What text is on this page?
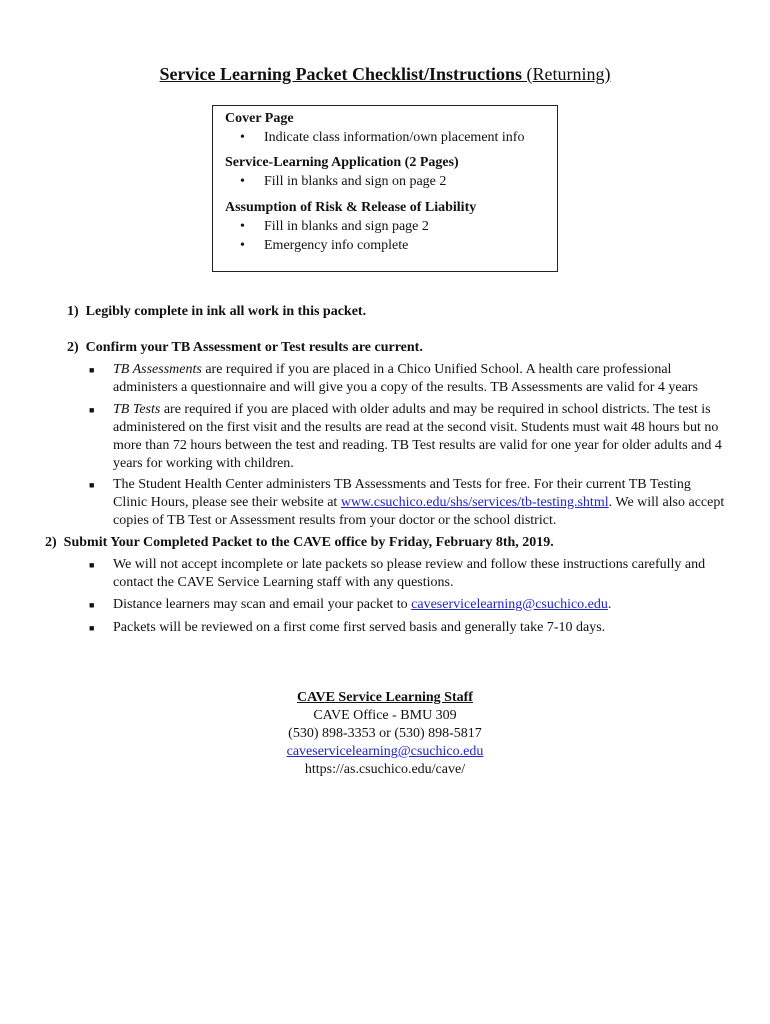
Service Learning Packet Checklist/Instructions (Returning)
Cover Page
• Indicate class information/own placement info
Service-Learning Application (2 Pages)
• Fill in blanks and sign on page 2
Assumption of Risk & Release of Liability
• Fill in blanks and sign page 2
• Emergency info complete
1) Legibly complete in ink all work in this packet.
2) Confirm your TB Assessment or Test results are current.
■ TB Assessments are required if you are placed in a Chico Unified School. A health care professional administers a questionnaire and will give you a copy of the results. TB Assessments are valid for 4 years
■ TB Tests are required if you are placed with older adults and may be required in school districts. The test is administered on the first visit and the results are read at the second visit. Students must wait 48 hours but no more than 72 hours between the test and reading. TB Test results are valid for one year for older adults and 4 years for working with children.
■ The Student Health Center administers TB Assessments and Tests for free. For their current TB Testing Clinic Hours, please see their website at www.csuchico.edu/shs/services/tb-testing.shtml. We will also accept copies of TB Test or Assessment results from your doctor or the school district.
2) Submit Your Completed Packet to the CAVE office by Friday, February 8th, 2019.
■ We will not accept incomplete or late packets so please review and follow these instructions carefully and contact the CAVE Service Learning staff with any questions.
■ Distance learners may scan and email your packet to caveservicelearning@csuchico.edu.
■ Packets will be reviewed on a first come first served basis and generally take 7-10 days.
CAVE Service Learning Staff
CAVE Office - BMU 309
(530) 898-3353 or (530) 898-5817
caveservicelearning@csuchico.edu
https://as.csuchico.edu/cave/
